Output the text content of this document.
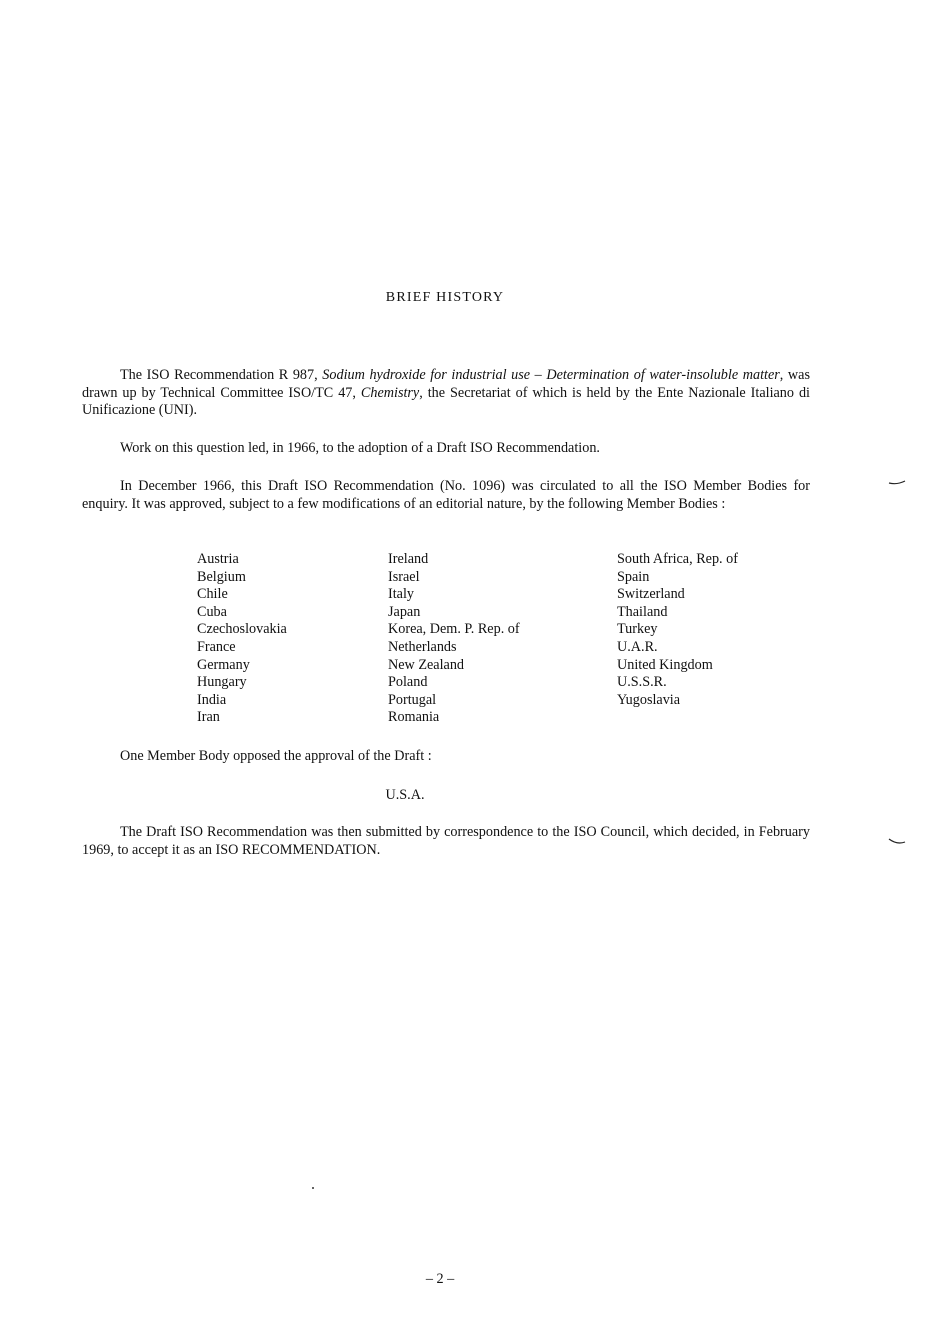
BRIEF HISTORY
The ISO Recommendation R 987, Sodium hydroxide for industrial use – Determination of water-insoluble matter, was drawn up by Technical Committee ISO/TC 47, Chemistry, the Secretariat of which is held by the Ente Nazionale Italiano di Unificazione (UNI).
Work on this question led, in 1966, to the adoption of a Draft ISO Recommendation.
In December 1966, this Draft ISO Recommendation (No. 1096) was circulated to all the ISO Member Bodies for enquiry. It was approved, subject to a few modifications of an editorial nature, by the following Member Bodies :
Austria
Belgium
Chile
Cuba
Czechoslovakia
France
Germany
Hungary
India
Iran
Ireland
Israel
Italy
Japan
Korea, Dem. P. Rep. of
Netherlands
New Zealand
Poland
Portugal
Romania
South Africa, Rep. of
Spain
Switzerland
Thailand
Turkey
U.A.R.
United Kingdom
U.S.S.R.
Yugoslavia
One Member Body opposed the approval of the Draft :
U.S.A.
The Draft ISO Recommendation was then submitted by correspondence to the ISO Council, which decided, in February 1969, to accept it as an ISO RECOMMENDATION.
– 2 –
